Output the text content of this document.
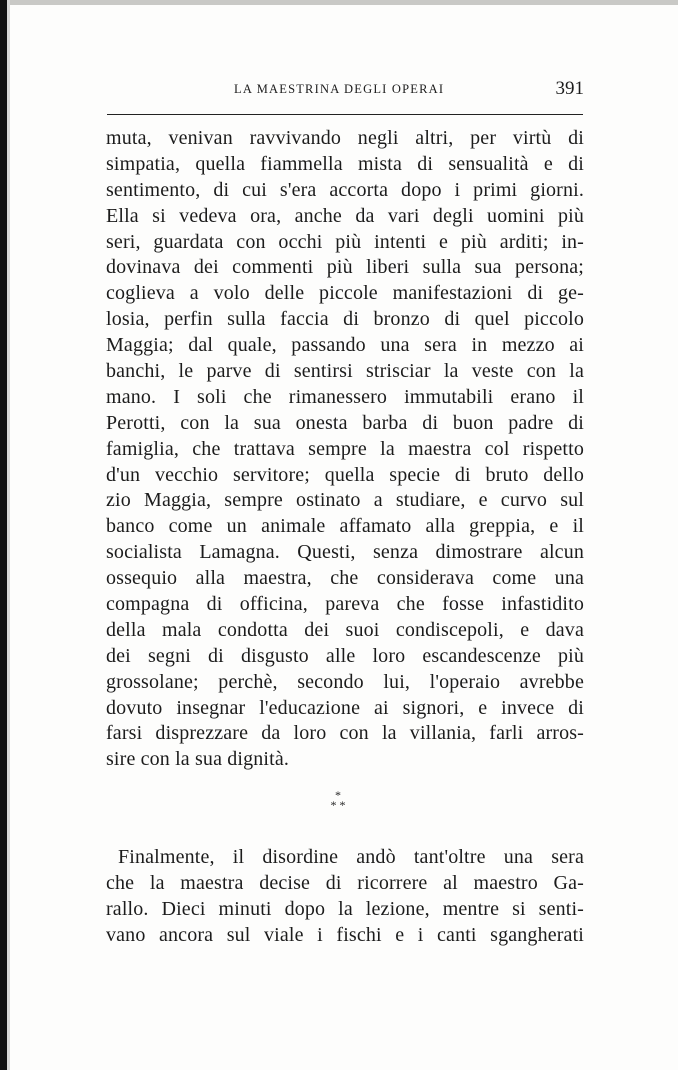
LA MAESTRINA DEGLI OPERAI	391
muta, venivan ravvivando negli altri, per virtù di
simpatia, quella fiammella mista di sensualità e di
sentimento, di cui s'era accorta dopo i primi giorni.
Ella si vedeva ora, anche da vari degli uomini più
seri, guardata con occhi più intenti e più arditi; in-
dovinava dei commenti più liberi sulla sua persona;
coglieva a volo delle piccole manifestazioni di ge-
losia, perfin sulla faccia di bronzo di quel piccolo
Maggia; dal quale, passando una sera in mezzo ai
banchi, le parve di sentirsi strisciar la veste con la
mano. I soli che rimanessero immutabili erano il
Perotti, con la sua onesta barba di buon padre di
famiglia, che trattava sempre la maestra col rispetto
d'un vecchio servitore; quella specie di bruto dello
zio Maggia, sempre ostinato a studiare, e curvo sul
banco come un animale affamato alla greppia, e il
socialista Lamagna. Questi, senza dimostrare alcun
ossequio alla maestra, che considerava come una
compagna di officina, pareva che fosse infastidito
della mala condotta dei suoi condiscepoli, e dava
dei segni di disgusto alle loro escandescenze più
grossolane; perchè, secondo lui, l'operaio avrebbe
dovuto insegnar l'educazione ai signori, e invece di
farsi disprezzare da loro con la villania, farli arros-
sire con la sua dignità.
*
* *
Finalmente, il disordine andò tant'oltre una sera
che la maestra decise di ricorrere al maestro Ga-
rallo. Dieci minuti dopo la lezione, mentre si senti-
vano ancora sul viale i fischi e i canti sgangherati
